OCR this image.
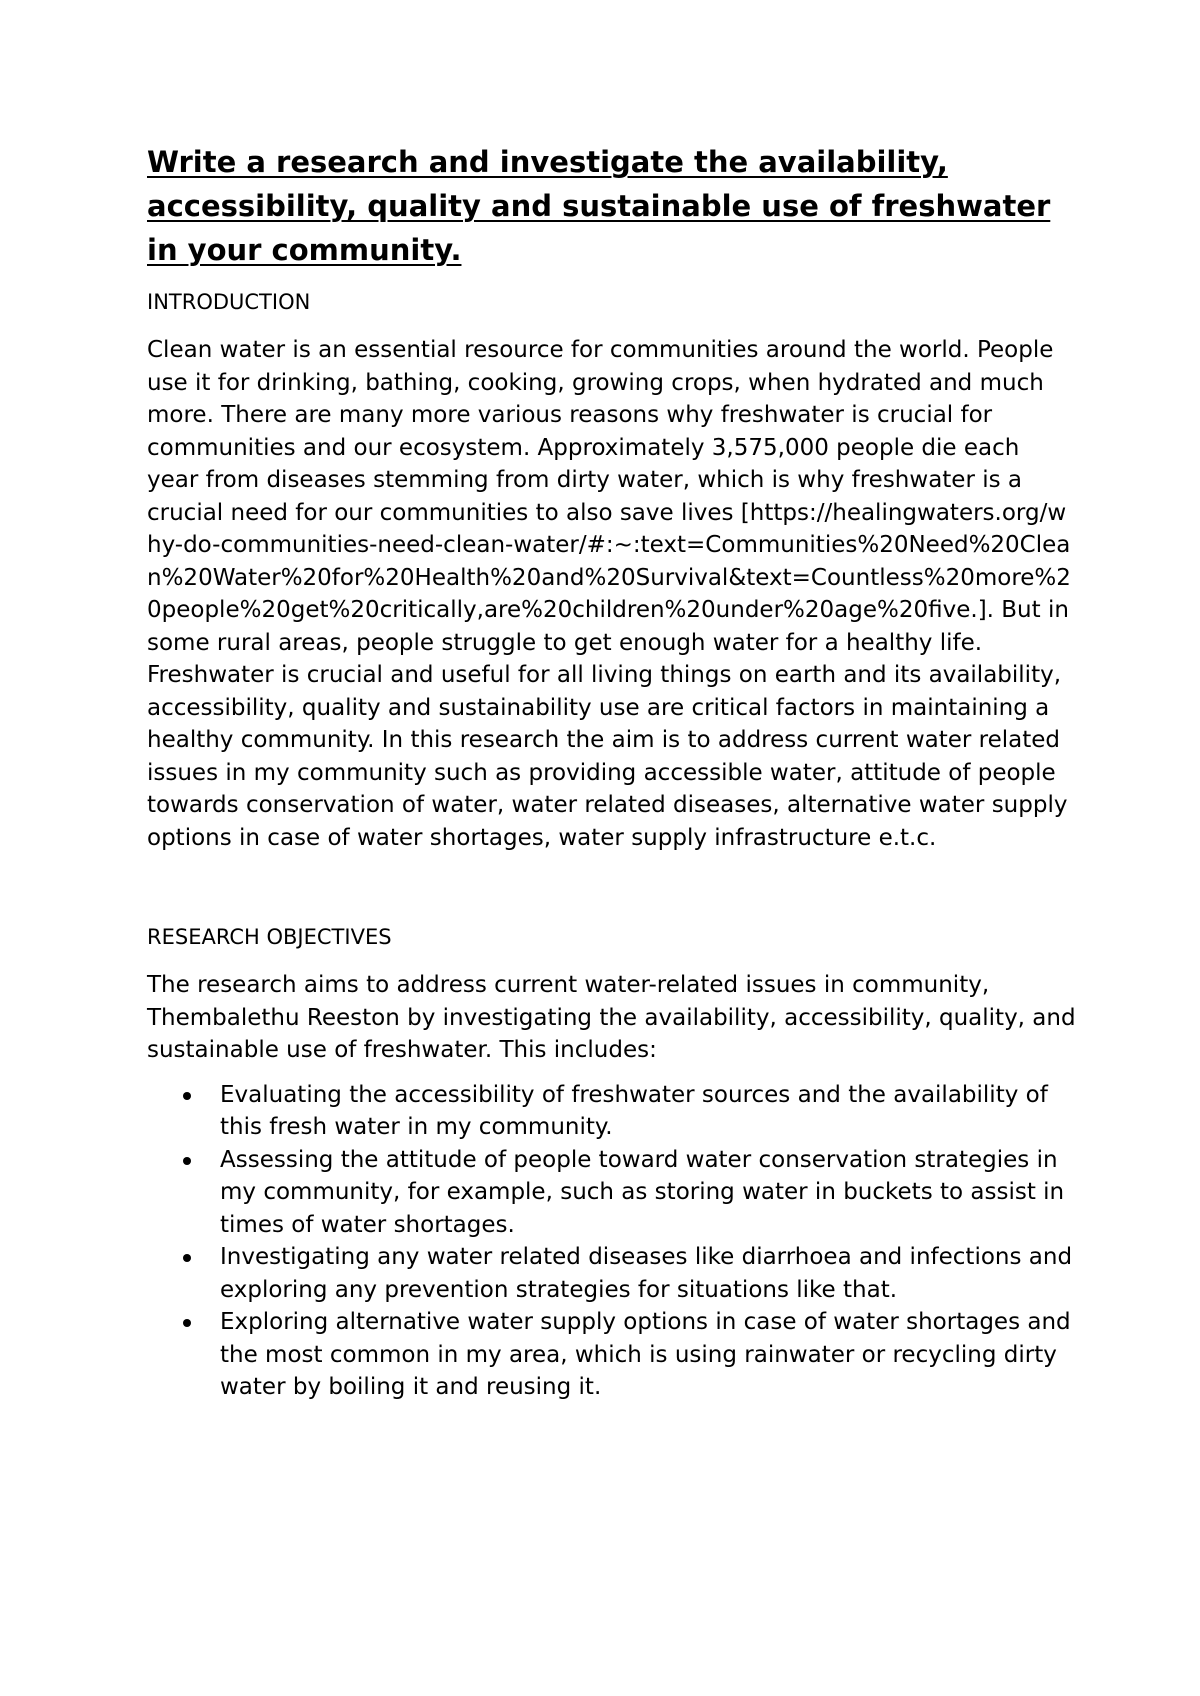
Write a research and investigate the availability, accessibility, quality and sustainable use of freshwater in your community.
INTRODUCTION

Clean water is an essential resource for communities around the world. People use it for drinking, bathing, cooking, growing crops, when hydrated and much more. There are many more various reasons why freshwater is crucial for communities and our ecosystem. Approximately 3,575,000 people die each year from diseases stemming from dirty water, which is why freshwater is a crucial need for our communities to also save lives [https://healingwaters.org/why-do-communities-need-clean-water/#:~:text=Communities%20Need%20Clean%20Water%20for%20Health%20and%20Survival&text=Countless%20more%20people%20get%20critically,are%20children%20under%20age%20five.]. But in some rural areas, people struggle to get enough water for a healthy life. Freshwater is crucial and useful for all living things on earth and its availability, accessibility, quality and sustainability use are critical factors in maintaining a healthy community. In this research the aim is to address current water related issues in my community such as providing accessible water, attitude of people towards conservation of water, water related diseases, alternative water supply options in case of water shortages, water supply infrastructure e.t.c.

RESEARCH OBJECTIVES

The research aims to address current water-related issues in community, Thembalethu Reeston by investigating the availability, accessibility, quality, and sustainable use of freshwater. This includes:

Evaluating the accessibility of freshwater sources and the availability of this fresh water in my community.
Assessing the attitude of people toward water conservation strategies in my community, for example, such as storing water in buckets to assist in times of water shortages.
Investigating any water related diseases like diarrhoea and infections and exploring any prevention strategies for situations like that.
Exploring alternative water supply options in case of water shortages and the most common in my area, which is using rainwater or recycling dirty water by boiling it and reusing it.
